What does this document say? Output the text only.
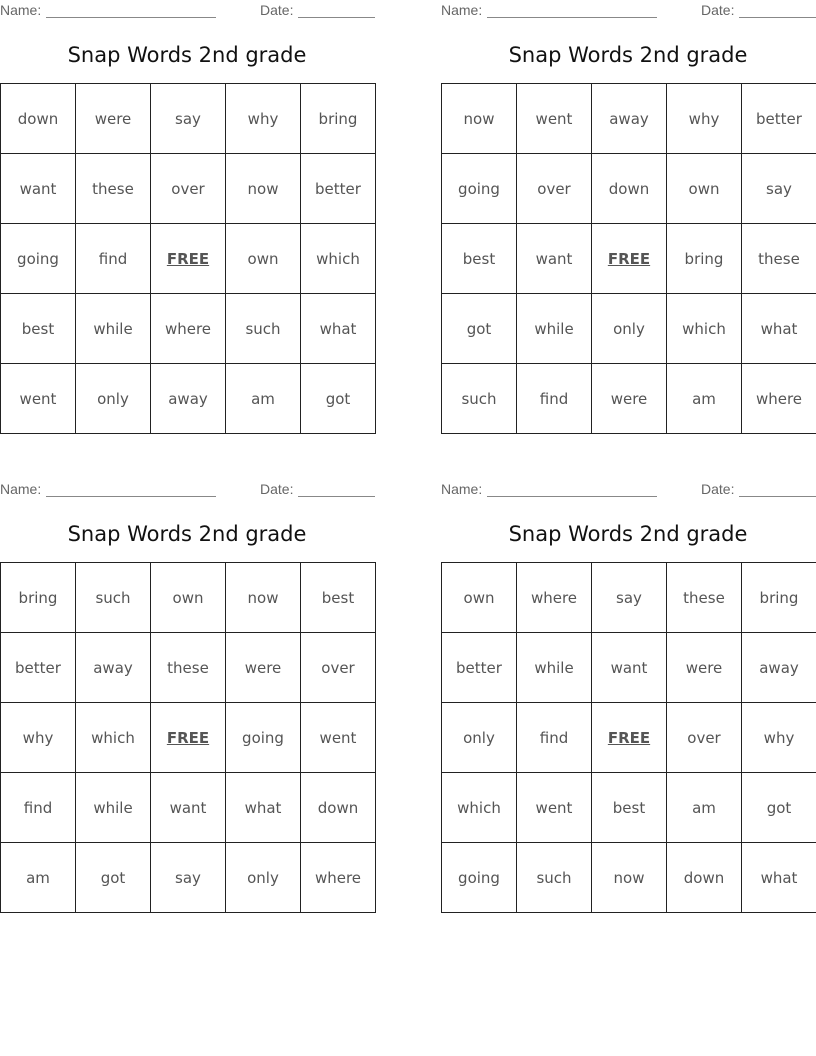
Name:	Date:
Snap Words 2nd grade
down	were	say	why	bring
want	these	over	now	better
going	find	FREE	own	which
best	while	where	such	what
went	only	away	am	got
Name:	Date:
Snap Words 2nd grade
now	went	away	why	better
going	over	down	own	say
best	want	FREE	bring	these
got	while	only	which	what
such	find	were	am	where
Name:	Date:
Snap Words 2nd grade
bring	such	own	now	best
better	away	these	were	over
why	which	FREE	going	went
find	while	want	what	down
am	got	say	only	where
Name:	Date:
Snap Words 2nd grade
own	where	say	these	bring
better	while	want	were	away
only	find	FREE	over	why
which	went	best	am	got
going	such	now	down	what
